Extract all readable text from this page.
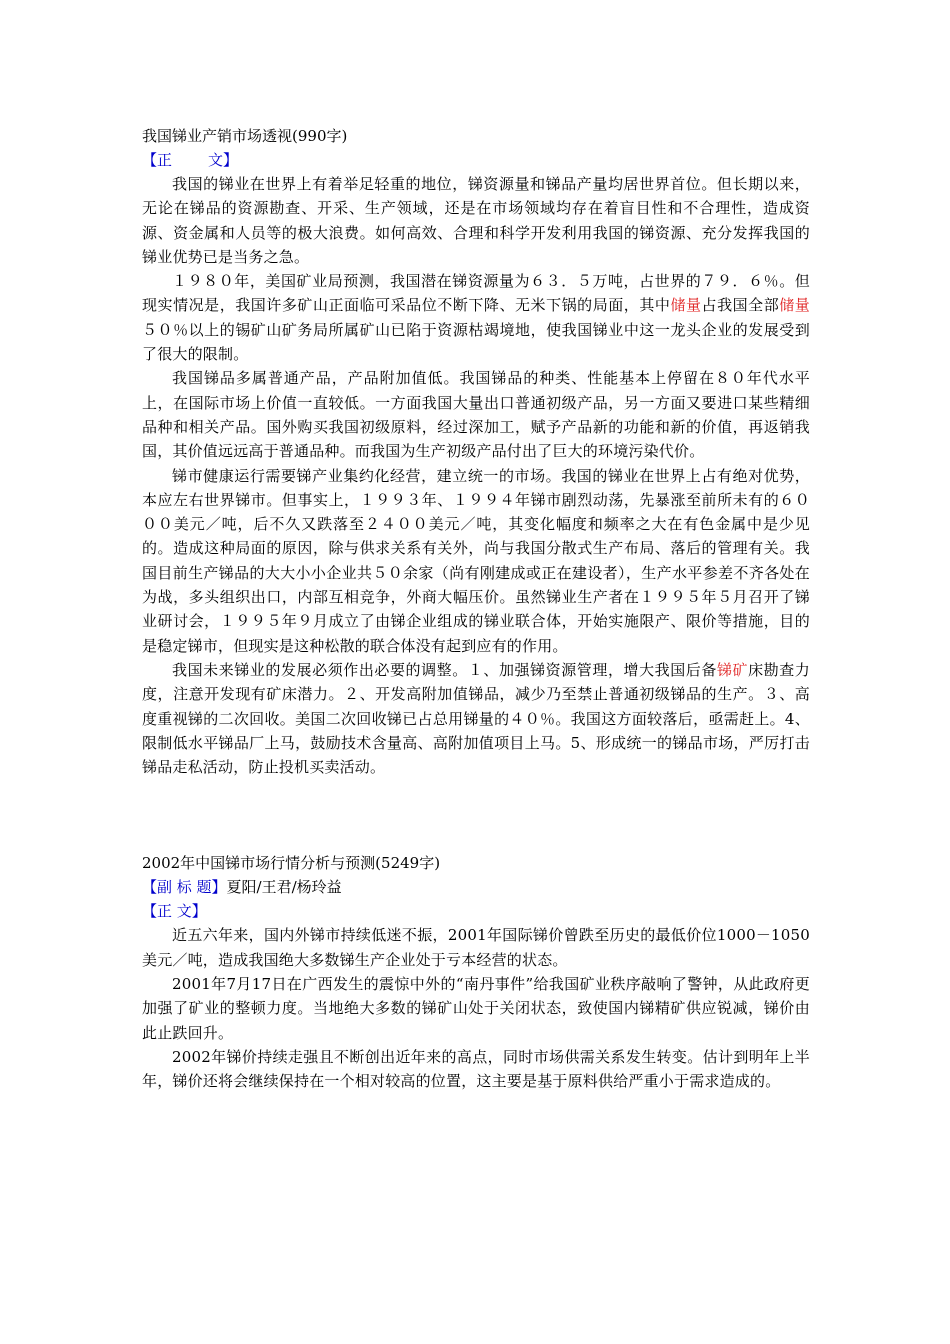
我国锑业产销市场透视(990字)
【正 文】

我国的锑业在世界上有着举足轻重的地位，锑资源量和锑品产量均居世界首位。但长期以来，无论在锑品的资源勘查、开采、生产领域，还是在市场领域均存在着盲目性和不合理性，造成资源、资金属和人员等的极大浪费。如何高效、合理和科学开发利用我国的锑资源、充分发挥我国的锑业优势已是当务之急。

１９８０年，美国矿业局预测，我国潜在锑资源量为６３．５万吨，占世界的７９．６％。但现实情况是，我国许多矿山正面临可采品位不断下降、无米下锅的局面，其中储量占我国全部储量５０％以上的锡矿山矿务局所属矿山已陷于资源枯竭境地，使我国锑业中这一龙头企业的发展受到了很大的限制。

我国锑品多属普通产品，产品附加值低。我国锑品的种类、性能基本上停留在８０年代水平上，在国际市场上价值一直较低。一方面我国大量出口普通初级产品，另一方面又要进口某些精细品种和相关产品。国外购买我国初级原料，经过深加工，赋予产品新的功能和新的价值，再返销我国，其价值远远高于普通品种。而我国为生产初级产品付出了巨大的环境污染代价。

锑市健康运行需要锑产业集约化经营，建立统一的市场。我国的锑业在世界上占有绝对优势，本应左右世界锑市。但事实上，１９９３年、１９９４年锑市剧烈动荡，先暴涨至前所未有的６０００美元／吨，后不久又跌落至２４００美元／吨，其变化幅度和频率之大在有色金属中是少见的。造成这种局面的原因，除与供求关系有关外，尚与我国分散式生产布局、落后的管理有关。我国目前生产锑品的大大小小企业共５０余家（尚有刚建成或正在建设者），生产水平参差不齐各处在为战，多头组织出口，内部互相竞争，外商大幅压价。虽然锑业生产者在１９９５年５月召开了锑业研讨会，１９９５年９月成立了由锑企业组成的锑业联合体，开始实施限产、限价等措施，目的是稳定锑市，但现实是这种松散的联合体没有起到应有的作用。

我国未来锑业的发展必须作出必要的调整。１、加强锑资源管理，增大我国后备锑矿床勘查力度，注意开发现有矿床潜力。２、开发高附加值锑品，减少乃至禁止普通初级锑品的生产。３、高度重视锑的二次回收。美国二次回收锑已占总用锑量的４０％。我国这方面较落后，亟需赶上。4、限制低水平锑品厂上马，鼓励技术含量高、高附加值项目上马。5、形成统一的锑品市场，严厉打击锑品走私活动，防止投机买卖活动。

2002年中国锑市场行情分析与预测(5249字)
【副 标 题】夏阳/王君/杨玲益
【正 文】

近五六年来，国内外锑市持续低迷不振，2001年国际锑价曾跌至历史的最低价位1000－1050美元／吨，造成我国绝大多数锑生产企业处于亏本经营的状态。

2001年7月17日在广西发生的震惊中外的“南丹事件”给我国矿业秩序敲响了警钟，从此政府更加强了矿业的整顿力度。当地绝大多数的锑矿山处于关闭状态，致使国内锑精矿供应锐减，锑价由此止跌回升。

2002年锑价持续走强且不断创出近年来的高点，同时市场供需关系发生转变。估计到明年上半年，锑价还将会继续保持在一个相对较高的位置，这主要是基于原料供给严重小于需求造成的。
